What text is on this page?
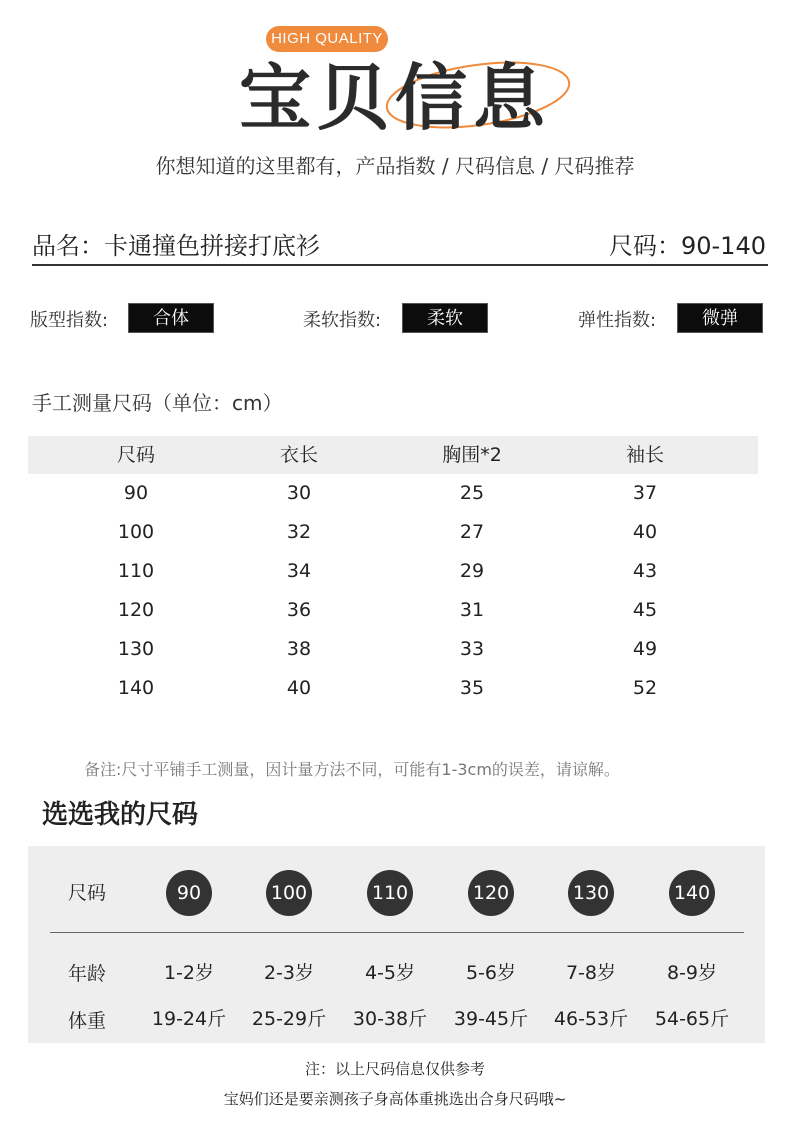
HIGH QUALITY
宝贝信息
你想知道的这里都有，产品指数 / 尺码信息 / 尺码推荐
品名：卡通撞色拼接打底衫	尺码：90-140
版型指数:	合体	柔软指数:	柔软	弹性指数:	微弹
手工测量尺码（单位：cm）
尺码	衣长	胸围*2	袖长
90	30	25	37
100	32	27	40
110	34	29	43
120	36	31	45
130	38	33	49
140	40	35	52
备注:尺寸平铺手工测量，因计量方法不同，可能有1-3cm的误差，请谅解。
选选我的尺码
尺码	90	100	110	120	130	140
年龄	1-2岁	2-3岁	4-5岁	5-6岁	7-8岁	8-9岁
体重	19-24斤	25-29斤	30-38斤	39-45斤	46-53斤	54-65斤
注：以上尺码信息仅供参考
宝妈们还是要亲测孩子身高体重挑选出合身尺码哦~
